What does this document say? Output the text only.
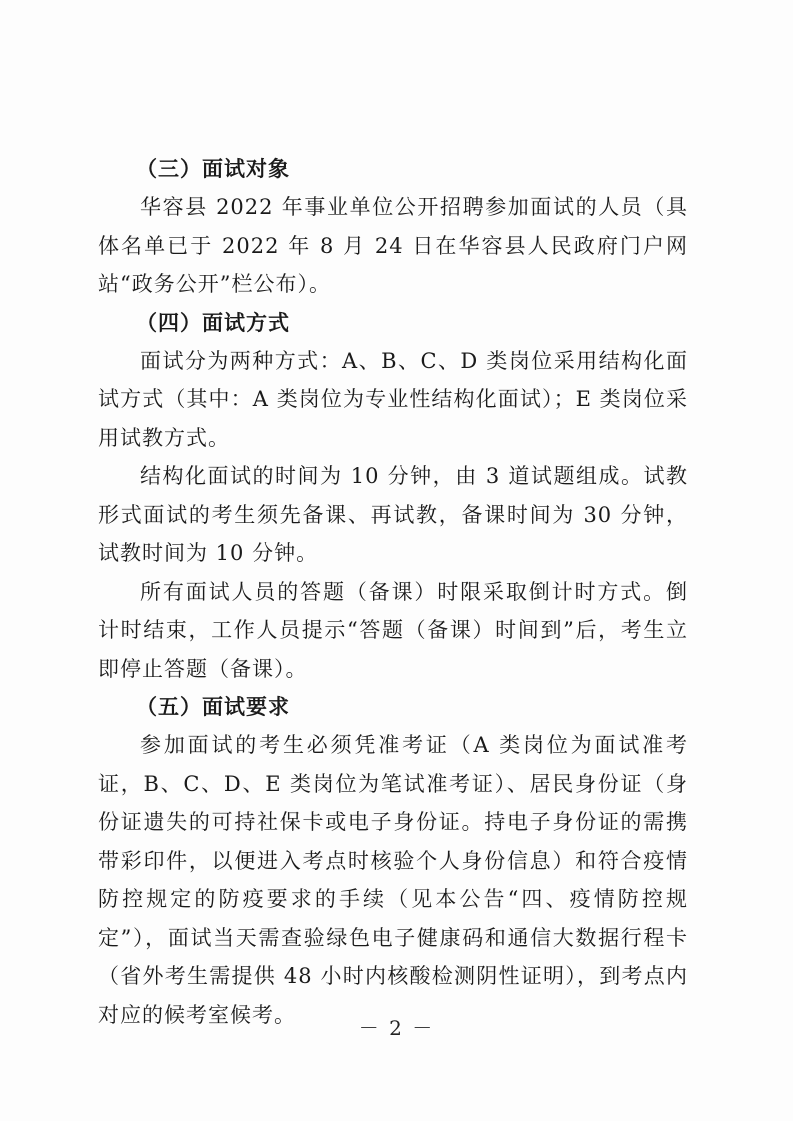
（三）面试对象

华容县 2022 年事业单位公开招聘参加面试的人员（具体名单已于 2022 年 8 月 24 日在华容县人民政府门户网站“政务公开”栏公布）。

（四）面试方式

面试分为两种方式：A、B、C、D 类岗位采用结构化面试方式（其中：A 类岗位为专业性结构化面试）；E 类岗位采用试教方式。

结构化面试的时间为 10 分钟，由 3 道试题组成。试教形式面试的考生须先备课、再试教，备课时间为 30 分钟，试教时间为 10 分钟。

所有面试人员的答题（备课）时限采取倒计时方式。倒计时结束，工作人员提示“答题（备课）时间到”后，考生立即停止答题（备课）。

（五）面试要求

参加面试的考生必须凭准考证（A 类岗位为面试准考证，B、C、D、E 类岗位为笔试准考证）、居民身份证（身份证遗失的可持社保卡或电子身份证。持电子身份证的需携带彩印件，以便进入考点时核验个人身份信息）和符合疫情防控规定的防疫要求的手续（见本公告“四、疫情防控规定”），面试当天需查验绿色电子健康码和通信大数据行程卡（省外考生需提供 48 小时内核酸检测阴性证明），到考点内对应的候考室候考。

－ 2 －
